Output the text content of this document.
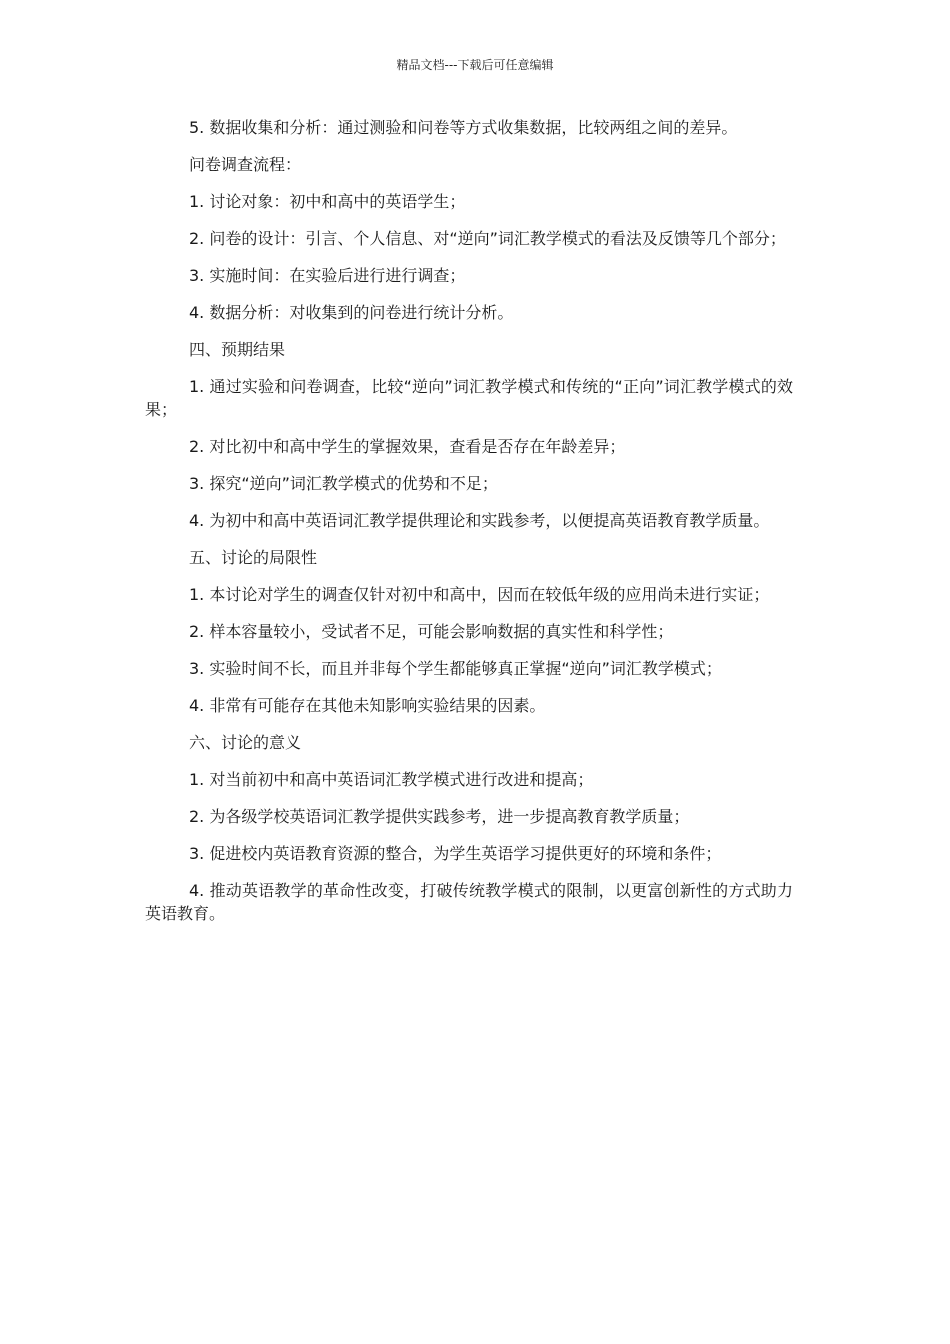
精品文档---下载后可任意编辑

5. 数据收集和分析：通过测验和问卷等方式收集数据，比较两组之间的差异。

问卷调查流程：

1. 讨论对象：初中和高中的英语学生；

2. 问卷的设计：引言、个人信息、对“逆向”词汇教学模式的看法及反馈等几个部分；

3. 实施时间：在实验后进行进行调查；

4. 数据分析：对收集到的问卷进行统计分析。

四、预期结果

1. 通过实验和问卷调查，比较“逆向”词汇教学模式和传统的“正向”词汇教学模式的效果；

2. 对比初中和高中学生的掌握效果，查看是否存在年龄差异；

3. 探究“逆向”词汇教学模式的优势和不足；

4. 为初中和高中英语词汇教学提供理论和实践参考，以便提高英语教育教学质量。

五、讨论的局限性

1. 本讨论对学生的调查仅针对初中和高中，因而在较低年级的应用尚未进行实证；

2. 样本容量较小，受试者不足，可能会影响数据的真实性和科学性；

3. 实验时间不长，而且并非每个学生都能够真正掌握“逆向”词汇教学模式；

4. 非常有可能存在其他未知影响实验结果的因素。

六、讨论的意义

1. 对当前初中和高中英语词汇教学模式进行改进和提高；

2. 为各级学校英语词汇教学提供实践参考，进一步提高教育教学质量；

3. 促进校内英语教育资源的整合，为学生英语学习提供更好的环境和条件；

4. 推动英语教学的革命性改变，打破传统教学模式的限制，以更富创新性的方式助力英语教育。
